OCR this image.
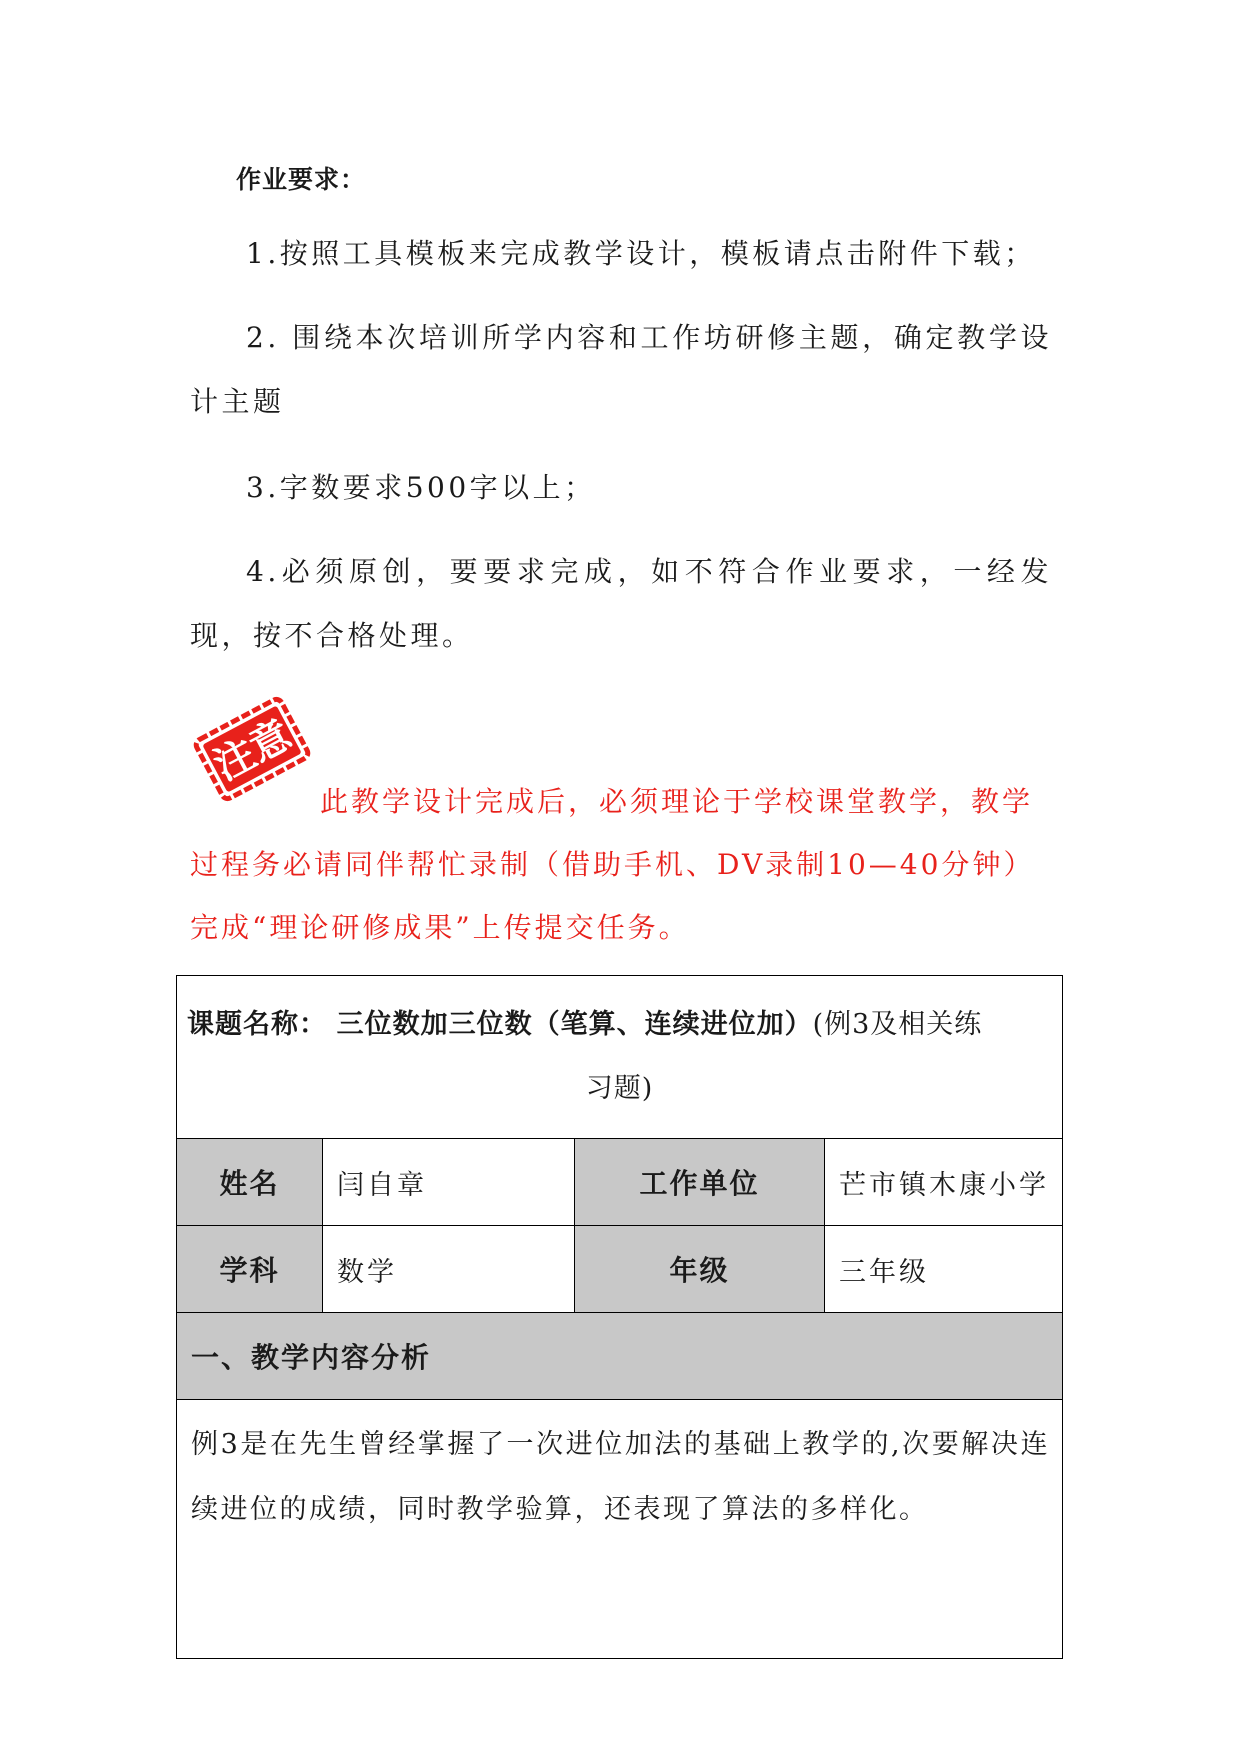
作业要求：

1.按照工具模板来完成教学设计，模板请点击附件下载；

2. 围绕本次培训所学内容和工作坊研修主题，确定教学设计主题

3.字数要求500字以上；

4.必须原创，要要求完成，如不符合作业要求，一经发现，按不合格处理。

注意

此教学设计完成后，必须理论于学校课堂教学，教学过程务必请同伴帮忙录制（借助手机、DV录制10—40分钟）完成“理论研修成果”上传提交任务。

课题名称： 三位数加三位数（笔算、连续进位加）(例3及相关练
习题)			

姓名	闫自章	工作单位	芒市镇木康小学
学科	数学	年级	三年级
一、教学内容分析			
例3是在先生曾经掌握了一次进位加法的基础上教学的,次要解决连续进位的成绩，同时教学验算，还表现了算法的多样化。			
